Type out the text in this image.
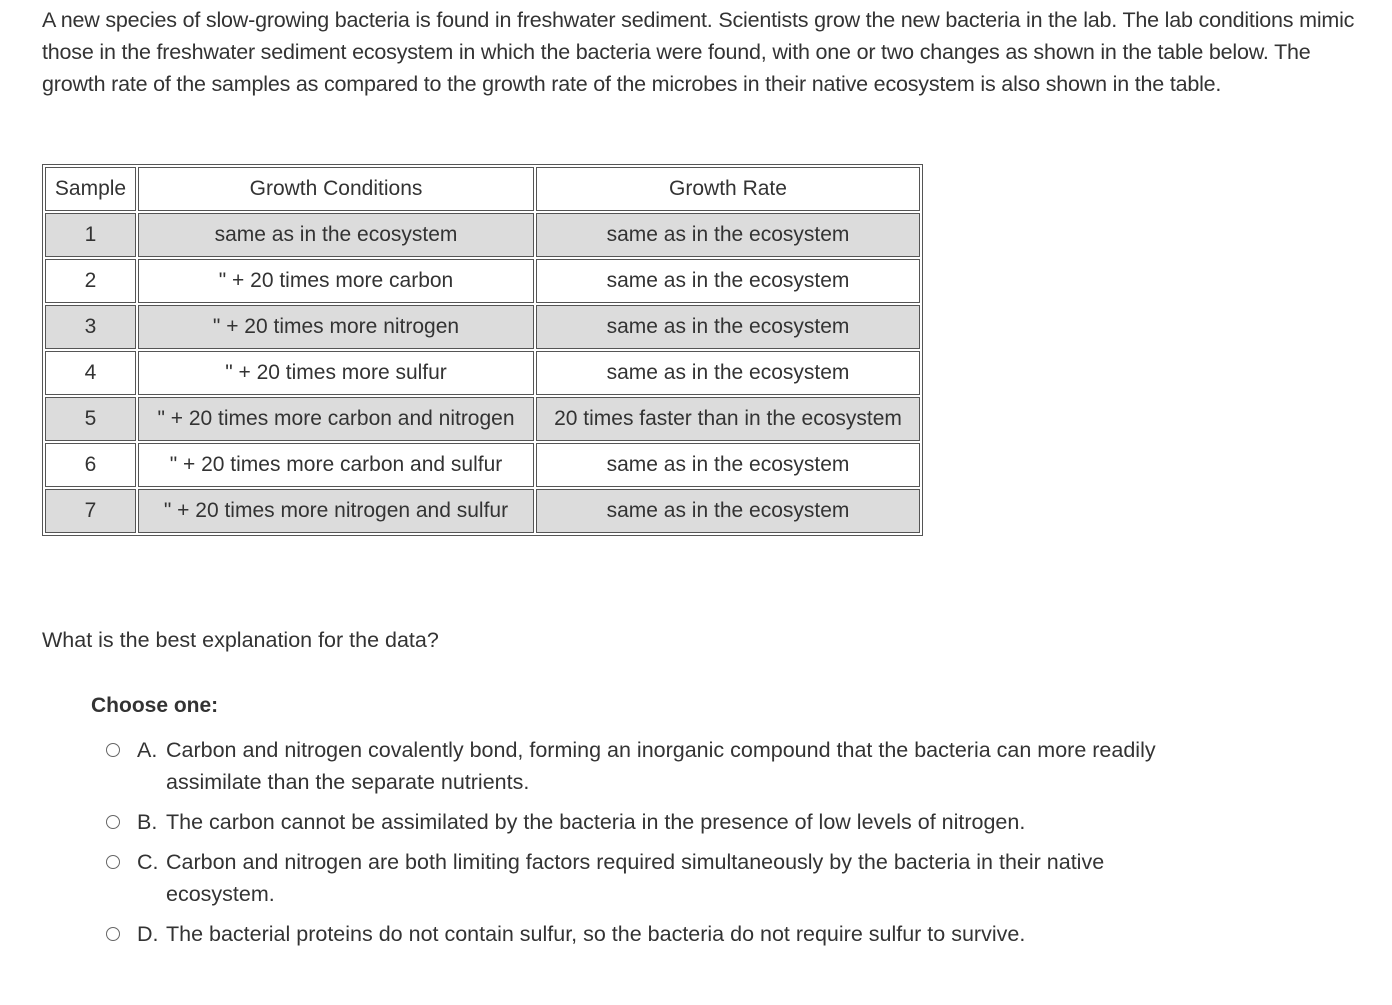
A new species of slow-growing bacteria is found in freshwater sediment. Scientists grow the new bacteria in the lab. The lab conditions mimic those in the freshwater sediment ecosystem in which the bacteria were found, with one or two changes as shown in the table below. The growth rate of the samples as compared to the growth rate of the microbes in their native ecosystem is also shown in the table.

Sample	Growth Conditions	Growth Rate
1	same as in the ecosystem	same as in the ecosystem
2	" + 20 times more carbon	same as in the ecosystem
3	" + 20 times more nitrogen	same as in the ecosystem
4	" + 20 times more sulfur	same as in the ecosystem
5	" + 20 times more carbon and nitrogen	20 times faster than in the ecosystem
6	" + 20 times more carbon and sulfur	same as in the ecosystem
7	" + 20 times more nitrogen and sulfur	same as in the ecosystem

What is the best explanation for the data?

Choose one:

A. Carbon and nitrogen covalently bond, forming an inorganic compound that the bacteria can more readily assimilate than the separate nutrients.
B. The carbon cannot be assimilated by the bacteria in the presence of low levels of nitrogen.
C. Carbon and nitrogen are both limiting factors required simultaneously by the bacteria in their native ecosystem.
D. The bacterial proteins do not contain sulfur, so the bacteria do not require sulfur to survive.
